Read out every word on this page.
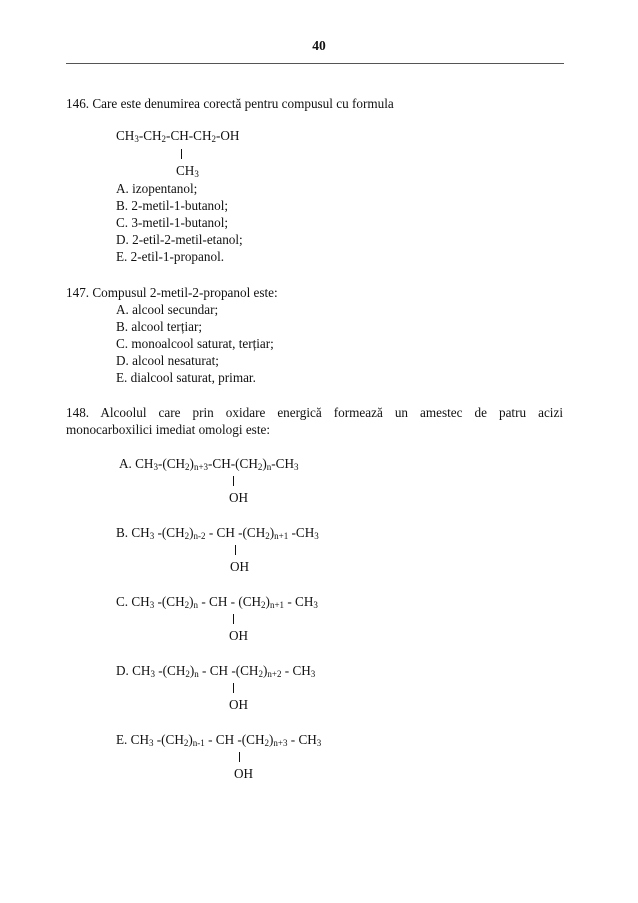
40
146. Care este denumirea corectă pentru compusul cu formula
$CH_3-CH_2-CH-CH_2-OH$
$CH_3$
A. izopentanol;
B. 2-metil-1-butanol;
C. 3-metil-1-butanol;
D. 2-etil-2-metil-etanol;
E. 2-etil-1-propanol.
147. Compusul 2-metil-2-propanol este:
A. alcool secundar;
B. alcool terțiar;
C. monoalcool saturat, terțiar;
D. alcool nesaturat;
E. dialcool saturat, primar.
148. Alcoolul care prin oxidare energică formează un amestec de patru acizi
monocarboxilici imediat omologi este:
A. $CH_3-(CH_2)_{n+3}-CH-(CH_2)_n-CH_3$
OH
B. $CH_3$ $-(CH_2)_{n-2}$ - CH $-(CH_2)_{n+1}$ $-CH_3$
OH
C. $CH_3$ $-(CH_2)_n$ - CH - $(CH_2)_{n+1} - CH_3$
OH
D. $CH_3$ $-(CH_2)_n$ - CH $-(CH_2)_{n+2} - CH_3$
OH
E. $CH_3$ $-(CH_2)_{n-1}$ - CH $-(CH_2)_{n+3} - CH_3$
OH
